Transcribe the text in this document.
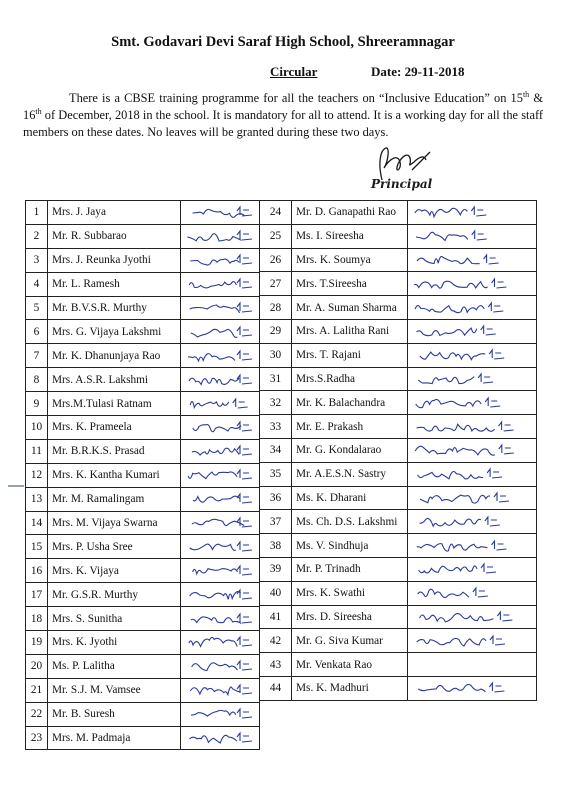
Smt. Godavari Devi Saraf High School, Shreeramnagar
Circular	Date: 29-11-2018
There is a CBSE training programme for all the teachers on “Inclusive Education” on 15th & 16th of December, 2018 in the school. It is mandatory for all to attend. It is a working day for all the staff members on these dates. No leaves will be granted during these two days.
Principal
1	Mrs. J. Jaya	

2	Mr. R. Subbarao	

3	Mrs. J. Reunka Jyothi	

4	Mr. L. Ramesh	

5	Mr. B.V.S.R. Murthy	

6	Mrs. G. Vijaya Lakshmi	

7	Mr. K. Dhanunjaya Rao	

8	Mrs. A.S.R. Lakshmi	

9	Mrs.M.Tulasi Ratnam	

10	Mrs. K. Prameela	

11	Mr. B.R.K.S. Prasad	

12	Mrs. K. Kantha Kumari	

13	Mr. M. Ramalingam	

14	Mrs. M. Vijaya Swarna	

15	Mrs. P. Usha Sree	

16	Mrs. K. Vijaya	

17	Mr. G.S.R. Murthy	

18	Mrs. S. Sunitha	

19	Mrs. K. Jyothi	

20	Ms. P. Lalitha	

21	Mr. S.J. M. Vamsee	

22	Mr. B. Suresh	

23	Mrs. M. Padmaja	
24	Mr. D. Ganapathi Rao	

25	Ms. I. Sireesha	

26	Mrs. K. Soumya	

27	Mrs. T.Sireesha	

28	Mr. A. Suman Sharma	

29	Mrs. A. Lalitha Rani	

30	Mrs. T. Rajani	

31	Mrs.S.Radha	

32	Mr. K. Balachandra	

33	Mr. E. Prakash	

34	Mr. G. Kondalarao	

35	Mr. A.E.S.N. Sastry	

36	Ms. K. Dharani	

37	Ms. Ch. D.S. Lakshmi	

38	Ms. V. Sindhuja	

39	Mr. P. Trinadh	

40	Mrs. K. Swathi	

41	Mrs. D. Sireesha	

42	Mr. G. Siva Kumar	

43	Mr. Venkata Rao	
44	Ms. K. Madhuri	
